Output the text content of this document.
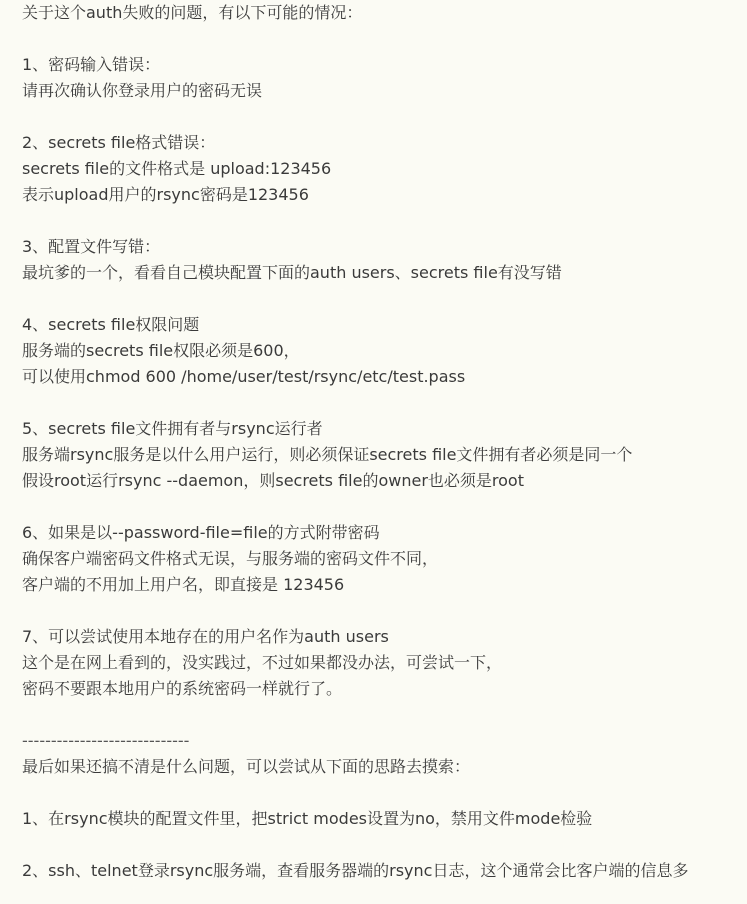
关于这个auth失败的问题，有以下可能的情况：
1、密码输入错误：
请再次确认你登录用户的密码无误
2、secrets file格式错误：
secrets file的文件格式是 upload:123456
表示upload用户的rsync密码是123456
3、配置文件写错：
最坑爹的一个，看看自己模块配置下面的auth users、secrets file有没写错
4、secrets file权限问题
服务端的secrets file权限必须是600，
可以使用chmod 600 /home/user/test/rsync/etc/test.pass
5、secrets file文件拥有者与rsync运行者
服务端rsync服务是以什么用户运行，则必须保证secrets file文件拥有者必须是同一个
假设root运行rsync --daemon，则secrets file的owner也必须是root
6、如果是以--password-file=file的方式附带密码
确保客户端密码文件格式无误，与服务端的密码文件不同，
客户端的不用加上用户名，即直接是 123456
7、可以尝试使用本地存在的用户名作为auth users
这个是在网上看到的，没实践过，不过如果都没办法，可尝试一下，
密码不要跟本地用户的系统密码一样就行了。
-----------------------------
最后如果还搞不清是什么问题，可以尝试从下面的思路去摸索：
1、在rsync模块的配置文件里，把strict modes设置为no，禁用文件mode检验
2、ssh、telnet登录rsync服务端，查看服务器端的rsync日志，这个通常会比客户端的信息多
